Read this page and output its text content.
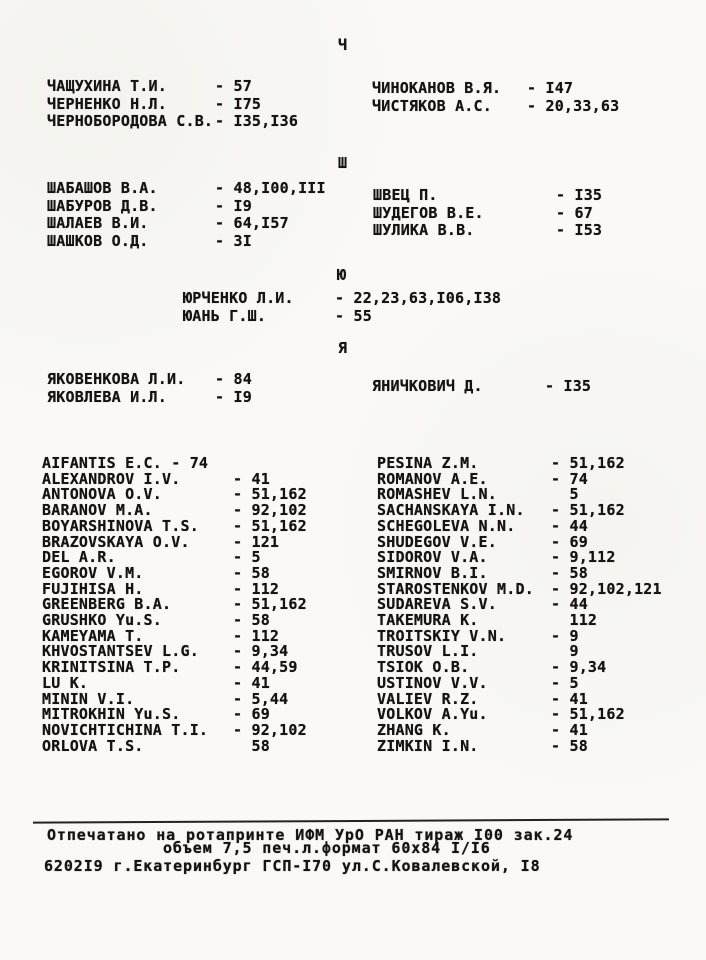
Ч
ЧАЩУХИНА Т.И.	- 57
ЧЕРНЕНКО Н.Л.	- I75
ЧЕРНОБОРОДОВА С.В. - I35,I36
ЧИНОКАНОВ В.Я.	- I47
ЧИСТЯКОВ А.С.	- 20,33,63
Ш
ШАБАШОВ В.А.	- 48,I00,III
ШАБУРОВ Д.В.	- I9
ШАЛАЕВ В.И.	- 64,I57
ШАШКОВ О.Д.	- 3I
ШВЕЦ П.	- I35
ШУДЕГОВ В.Е.	- 67
ШУЛИКА В.В.	- I53
Ю
ЮРЧЕНКО Л.И.	- 22,23,63,I06,I38
ЮАНЬ Г.Ш.	- 55
Я
ЯКОВЕНКОВА Л.И.	- 84
ЯКОВЛЕВА И.Л.	- I9
ЯНИЧКОВИЧ Д.	- I35
AIFANTIS E.C. - 74
ALEXANDROV I.V.	- 41
ANTONOVA O.V.	- 51,162
BARANOV M.A.	- 92,102
BOYARSHINOVA T.S.	- 51,162
BRAZOVSKAYA O.V.	- 121
DEL A.R.	- 5
EGOROV V.M.	- 58
FUJIHISA H.	- 112
GREENBERG B.A.	- 51,162
GRUSHKO Yu.S.	- 58
KAMEYAMA T.	- 112
KHVOSTANTSEV L.G.	- 9,34
KRINITSINA T.P.	- 44,59
LU K.	- 41
MININ V.I.	- 5,44
MITROKHIN Yu.S.	- 69
NOVICHTICHINA T.I.	- 92,102
ORLOVA T.S.	58
PESINA Z.M.	- 51,162
ROMANOV A.E.	- 74
ROMASHEV L.N.	5
SACHANSKAYA I.N.	- 51,162
SCHEGOLEVA N.N.	- 44
SHUDEGOV V.E.	- 69
SIDOROV V.A.	- 9,112
SMIRNOV B.I.	- 58
STAROSTENKOV M.D.	- 92,102,121
SUDAREVA S.V.	- 44
TAKEMURA K.	112
TROITSKIY V.N.	- 9
TRUSOV L.I.	9
TSIOK O.B.	- 9,34
USTINOV V.V.	- 5
VALIEV R.Z.	- 41
VOLKOV A.Yu.	- 51,162
ZHANG K.	- 41
ZIMKIN I.N.	- 58
Отпечатано на ротапринте ИФМ УрО РАН тираж I00 зак.24
объем 7,5 печ.л.формат 60х84 I/I6
6202I9 г.Екатеринбург ГСП-I70 ул.С.Ковалевской, I8
